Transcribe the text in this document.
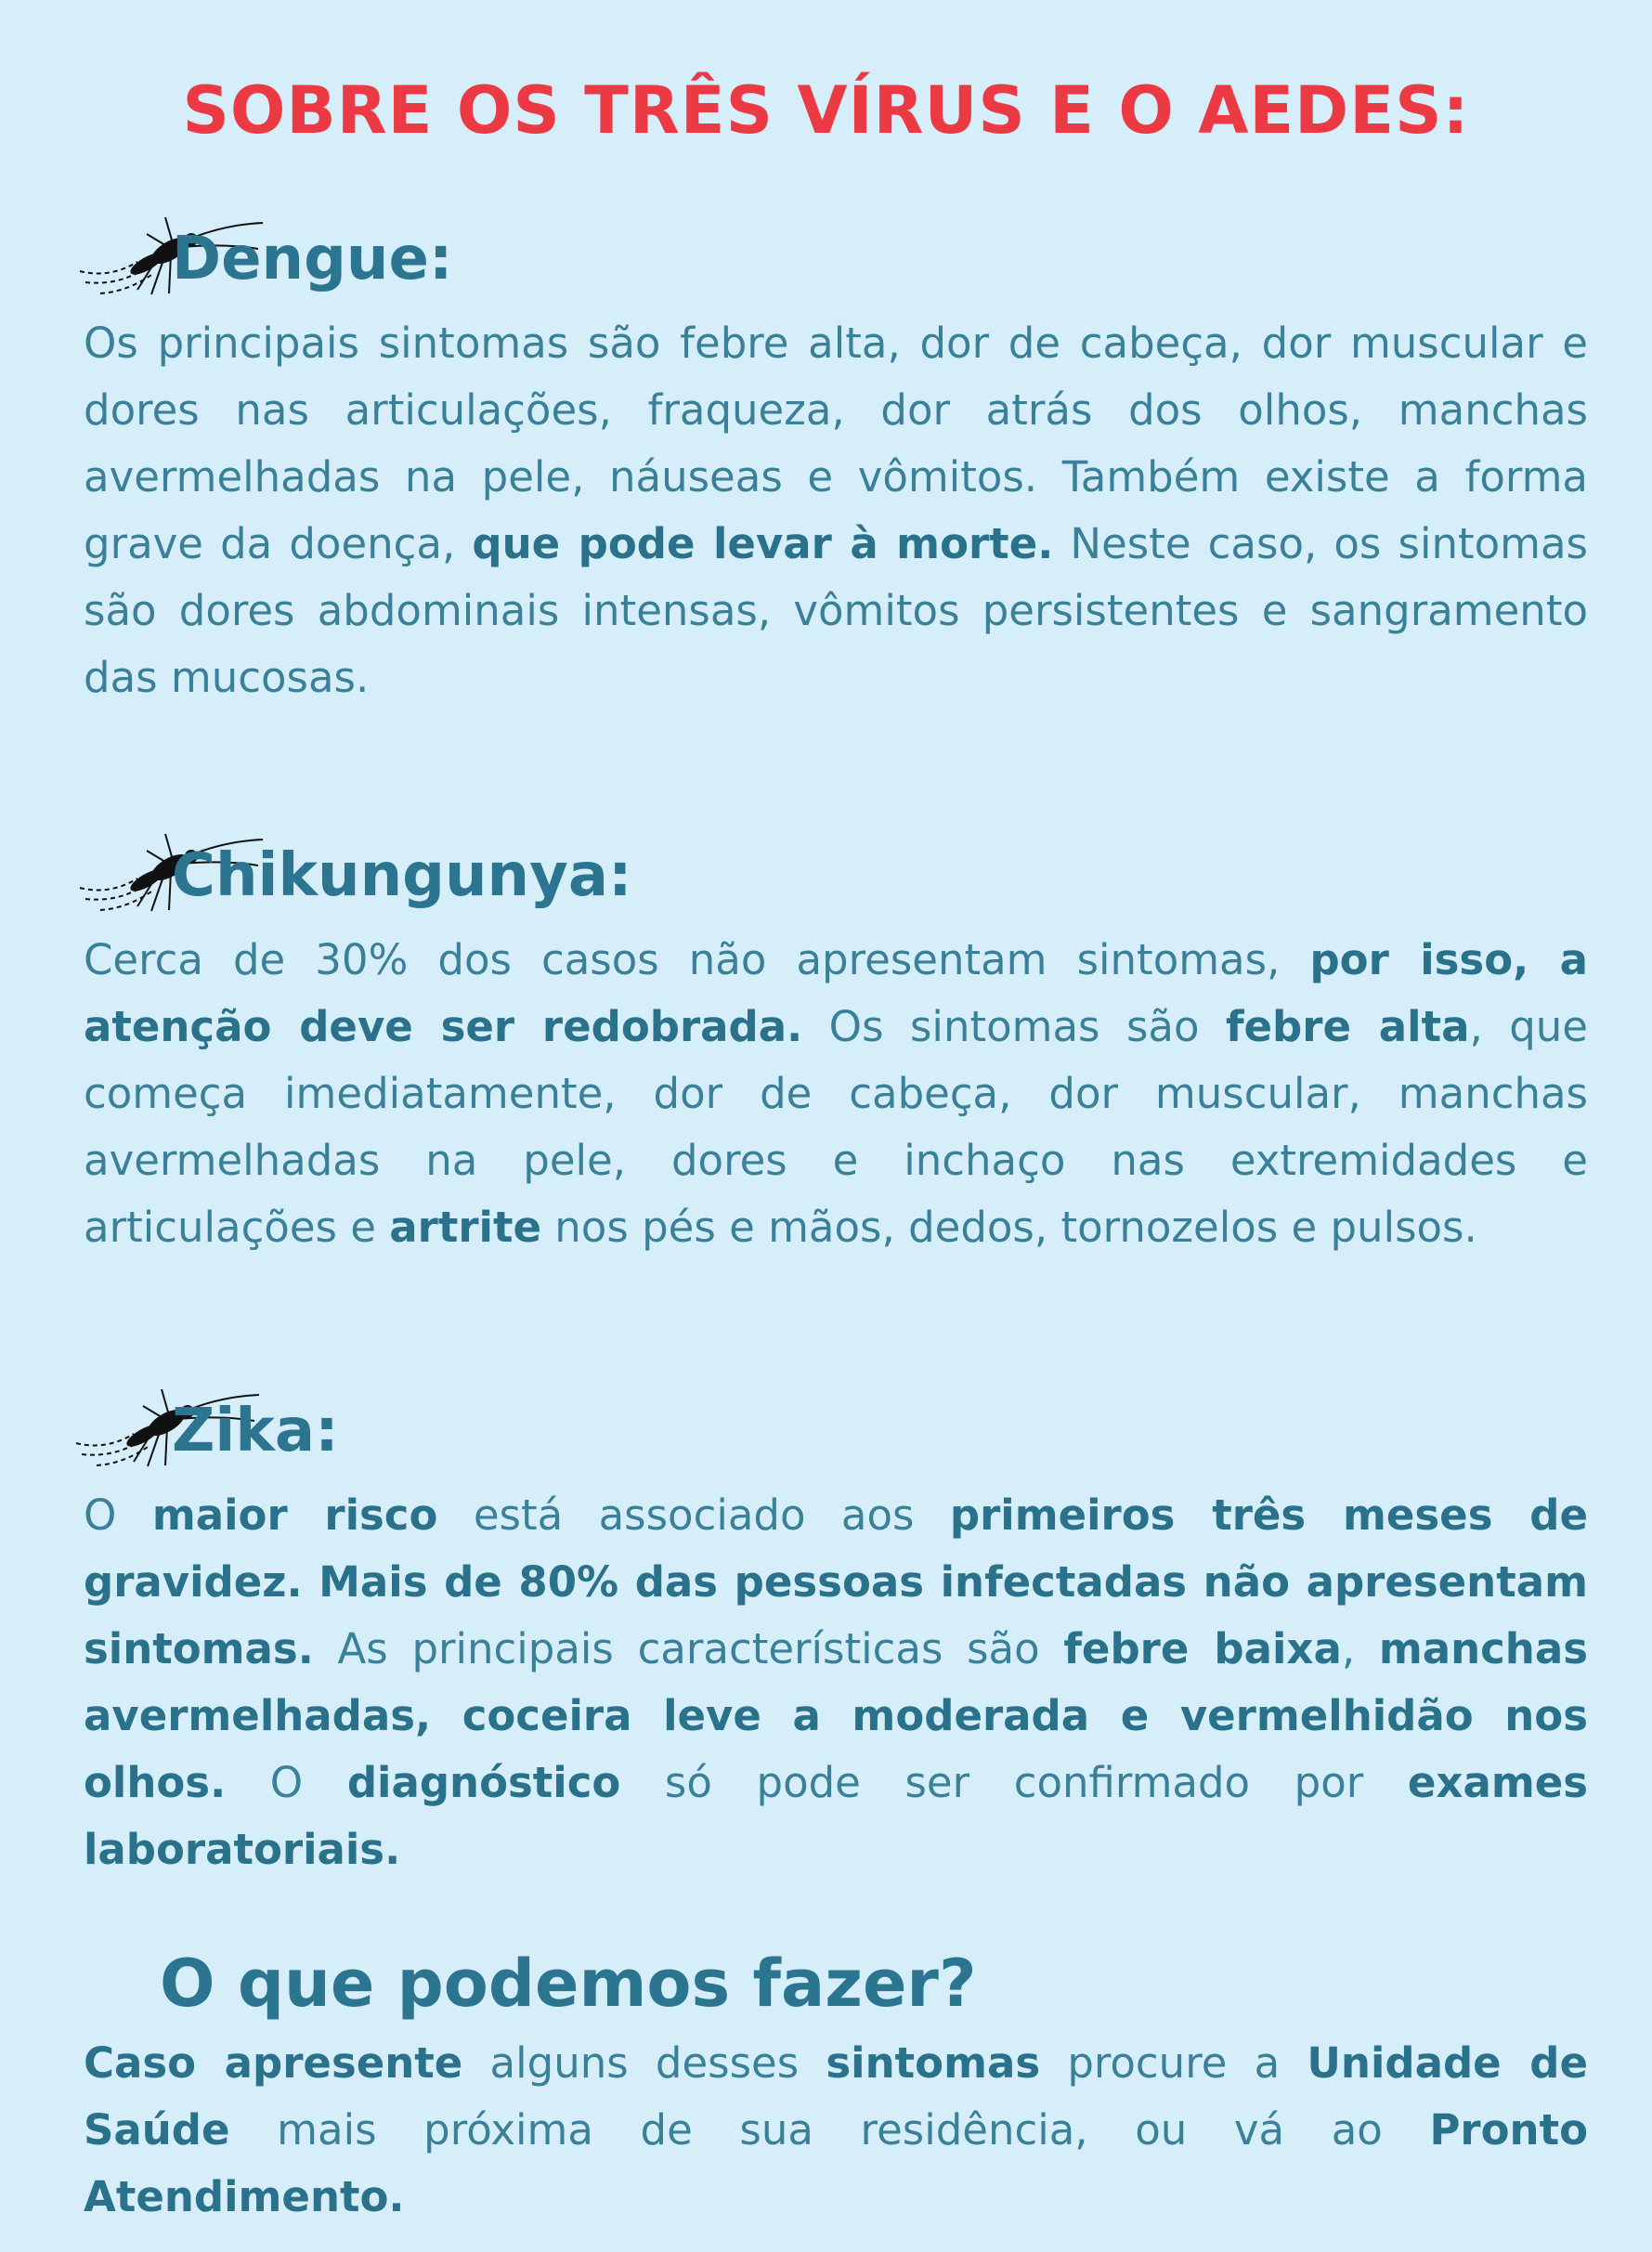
SOBRE OS TRÊS VÍRUS E O AEDES:
Dengue:

Os principais sintomas são febre alta, dor de cabeça, dor muscular e dores nas articulações, fraqueza, dor atrás dos olhos, manchas avermelhadas na pele, náuseas e vômitos. Também existe a forma grave da doença, que pode levar à morte. Neste caso, os sintomas são dores abdominais intensas, vômitos persistentes e sangramento das mucosas.

Chikungunya:

Cerca de 30% dos casos não apresentam sintomas, por isso, a atenção deve ser redobrada. Os sintomas são febre alta, que começa imediatamente, dor de cabeça, dor muscular, manchas avermelhadas na pele, dores e inchaço nas extremidades e articulações e artrite nos pés e mãos, dedos, tornozelos e pulsos.

Zika:

O maior risco está associado aos primeiros três meses de gravidez. Mais de 80% das pessoas infectadas não apresentam sintomas. As principais características são febre baixa, manchas avermelhadas, coceira leve a moderada e vermelhidão nos olhos. O diagnóstico só pode ser confirmado por exames laboratoriais.

O que podemos fazer?

Caso apresente alguns desses sintomas procure a Unidade de Saúde mais próxima de sua residência, ou vá ao Pronto Atendimento.
